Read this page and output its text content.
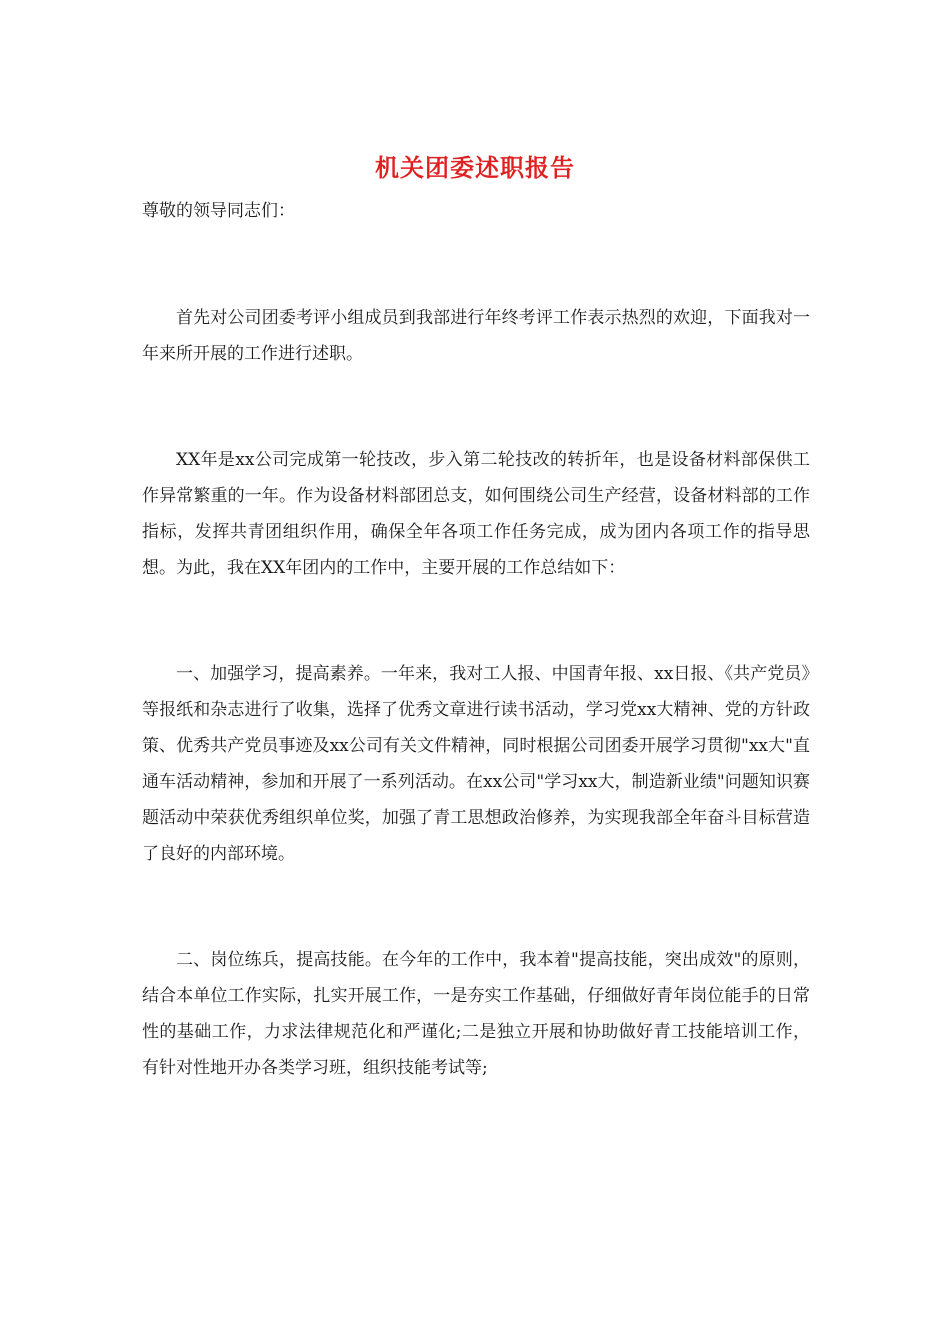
机关团委述职报告

尊敬的领导同志们：

首先对公司团委考评小组成员到我部进行年终考评工作表示热烈的欢迎，下面我对一年来所开展的工作进行述职。

XX年是xx公司完成第一轮技改，步入第二轮技改的转折年，也是设备材料部保供工作异常繁重的一年。作为设备材料部团总支，如何围绕公司生产经营，设备材料部的工作指标，发挥共青团组织作用，确保全年各项工作任务完成，成为团内各项工作的指导思想。为此，我在XX年团内的工作中，主要开展的工作总结如下：

一、加强学习，提高素养。一年来，我对工人报、中国青年报、xx日报、《共产党员》等报纸和杂志进行了收集，选择了优秀文章进行读书活动，学习党xx大精神、党的方针政策、优秀共产党员事迹及xx公司有关文件精神，同时根据公司团委开展学习贯彻"xx大"直通车活动精神，参加和开展了一系列活动。在xx公司"学习xx大，制造新业绩"问题知识赛题活动中荣获优秀组织单位奖，加强了青工思想政治修养，为实现我部全年奋斗目标营造了良好的内部环境。

二、岗位练兵，提高技能。在今年的工作中，我本着"提高技能，突出成效"的原则，结合本单位工作实际，扎实开展工作，一是夯实工作基础，仔细做好青年岗位能手的日常性的基础工作，力求法律规范化和严谨化;二是独立开展和协助做好青工技能培训工作，有针对性地开办各类学习班，组织技能考试等;
